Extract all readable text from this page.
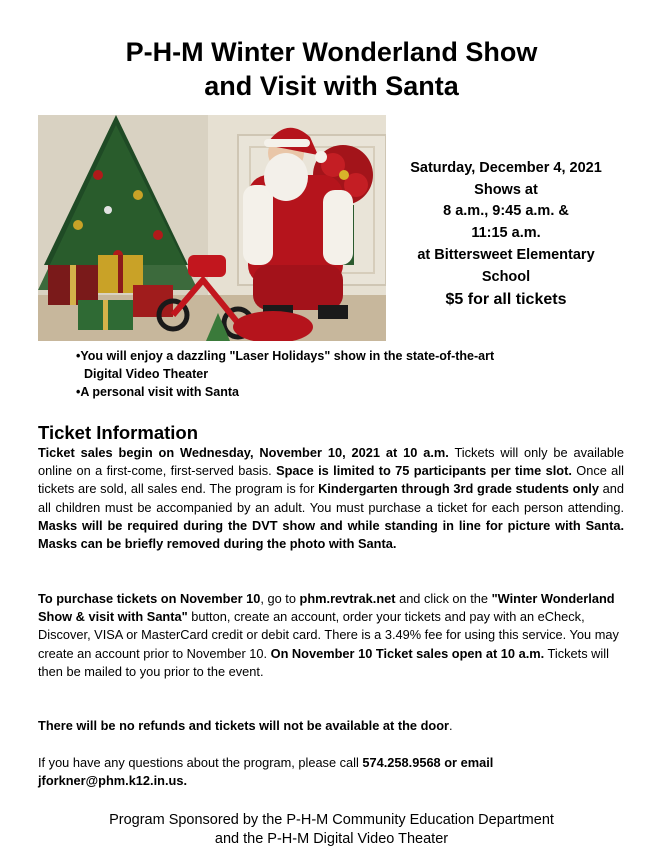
P-H-M Winter Wonderland Show
and Visit with Santa
Saturday, December 4, 2021
Shows at
8 a.m., 9:45 a.m. &
11:15 a.m.
at Bittersweet Elementary
School
$5 for all tickets
•You will enjoy a dazzling "Laser Holidays" show in the state-of-the-art
Digital Video Theater
•A personal visit with Santa
Ticket Information
Ticket sales begin on Wednesday, November 10, 2021 at 10 a.m. Tickets will only be available online on a first-come, first-served basis. Space is limited to 75 participants per time slot. Once all tickets are sold, all sales end. The program is for Kindergarten through 3rd grade students only and all children must be accompanied by an adult. You must purchase a ticket for each person attending. Masks will be required during the DVT show and while standing in line for picture with Santa. Masks can be briefly removed during the photo with Santa.
To purchase tickets on November 10, go to phm.revtrak.net and click on the "Winter Wonderland Show & visit with Santa" button, create an account, order your tickets and pay with an eCheck, Discover, VISA or MasterCard credit or debit card. There is a 3.49% fee for using this service. You may create an account prior to November 10. On November 10 Ticket sales open at 10 a.m. Tickets will then be mailed to you prior to the event.
There will be no refunds and tickets will not be available at the door.
If you have any questions about the program, please call 574.258.9568 or email jforkner@phm.k12.in.us.
Program Sponsored by the P-H-M Community Education Department
and the P-H-M Digital Video Theater
